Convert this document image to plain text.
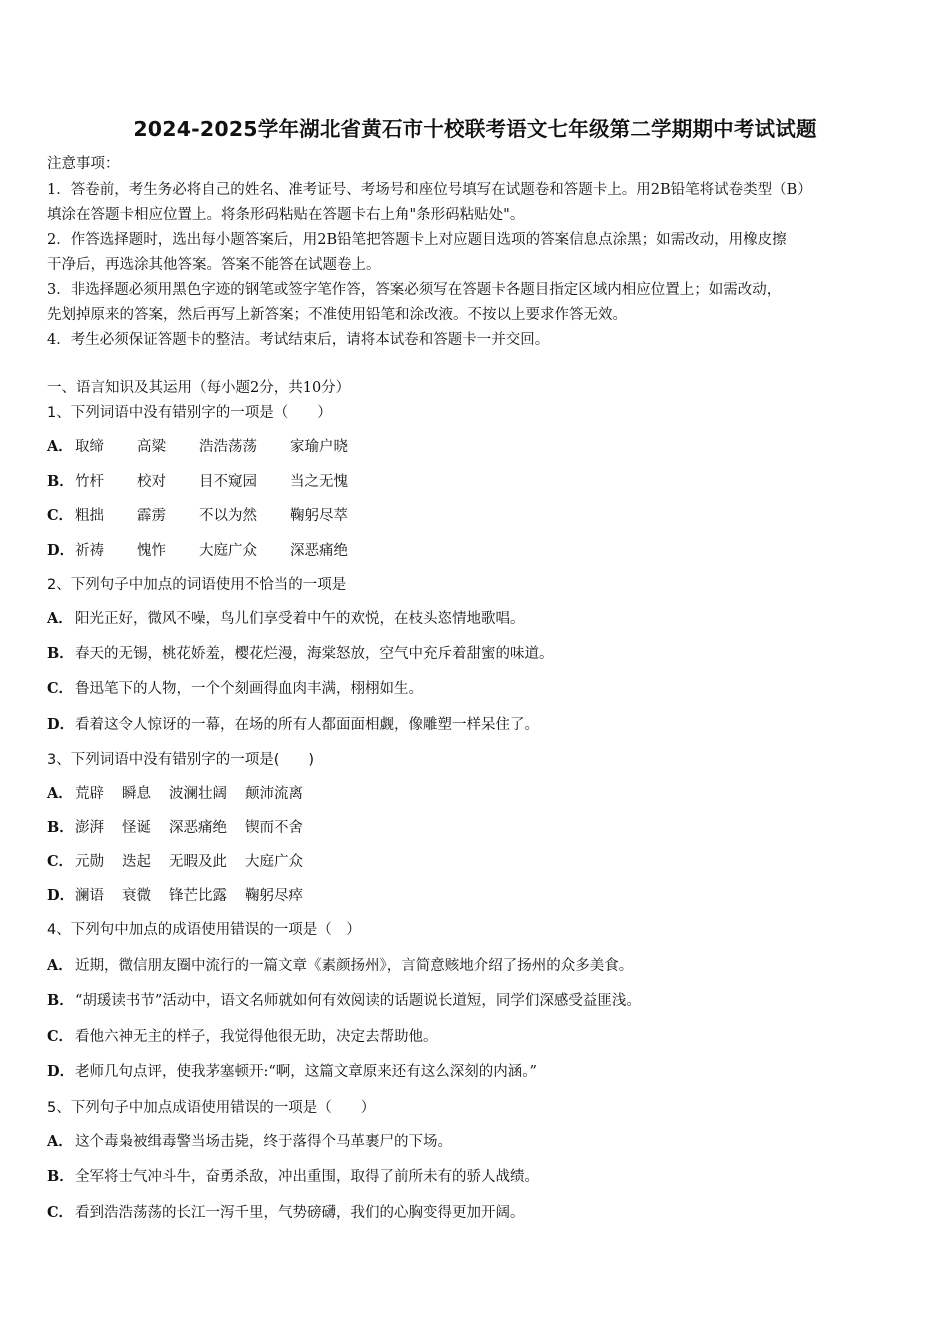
2024-2025学年湖北省黄石市十校联考语文七年级第二学期期中考试试题
注意事项：
1．答卷前，考生务必将自己的姓名、准考证号、考场号和座位号填写在试题卷和答题卡上。用2B铅笔将试卷类型（B）
填涂在答题卡相应位置上。将条形码粘贴在答题卡右上角"条形码粘贴处"。
2．作答选择题时，选出每小题答案后，用2B铅笔把答题卡上对应题目选项的答案信息点涂黑；如需改动，用橡皮擦
干净后，再选涂其他答案。答案不能答在试题卷上。
3．非选择题必须用黑色字迹的钢笔或签字笔作答，答案必须写在答题卡各题目指定区域内相应位置上；如需改动，
先划掉原来的答案，然后再写上新答案；不准使用铅笔和涂改液。不按以上要求作答无效。
4．考生必须保证答题卡的整洁。考试结束后，请将本试卷和答题卡一并交回。
一、语言知识及其运用（每小题2分，共10分）
1、下列词语中没有错别字的一项是（　　）
A． 取缔 高粱 浩浩荡荡 家瑜户晓
B．竹杆 校对 目不窥园 当之无愧
C． 粗拙 霹雳 不以为然 鞠躬尽萃
D．祈祷 愧怍 大庭广众 深恶痛绝
2、下列句子中加点的词语使用不恰当的一项是
A． 阳光正好，微风不噪，鸟儿们享受着中午的欢悦，在枝头恣情地歌唱。
B．春天的无锡，桃花娇羞，樱花烂漫，海棠怒放，空气中充斥着甜蜜的味道。
C． 鲁迅笔下的人物，一个个刻画得血肉丰满，栩栩如生。
D．看着这令人惊讶的一幕，在场的所有人都面面相觑，像雕塑一样呆住了。
3、下列词语中没有错别字的一项是(　　)
A． 荒辟 瞬息 波澜壮阔 颠沛流离
B．澎湃 怪诞 深恶痛绝 锲而不舍
C． 元勋 迭起 无暇及此 大庭广众
D．澜语 衰微 锋芒比露 鞠躬尽瘁
4、下列句中加点的成语使用错误的一项是（　）
A． 近期，微信朋友圈中流行的一篇文章《素颜扬州》，言简意赅地介绍了扬州的众多美食。
B．“胡瑗读书节”活动中，语文名师就如何有效阅读的话题说长道短，同学们深感受益匪浅。
C． 看他六神无主的样子，我觉得他很无助，决定去帮助他。
D．老师几句点评，使我茅塞顿开:“啊，这篇文章原来还有这么深刻的内涵。”
5、下列句子中加点成语使用错误的一项是（　　）
A． 这个毒枭被缉毒警当场击毙，终于落得个马革裹尸的下场。
B．全军将士气冲斗牛，奋勇杀敌，冲出重围，取得了前所未有的骄人战绩。
C． 看到浩浩荡荡的长江一泻千里，气势磅礴，我们的心胸变得更加开阔。
